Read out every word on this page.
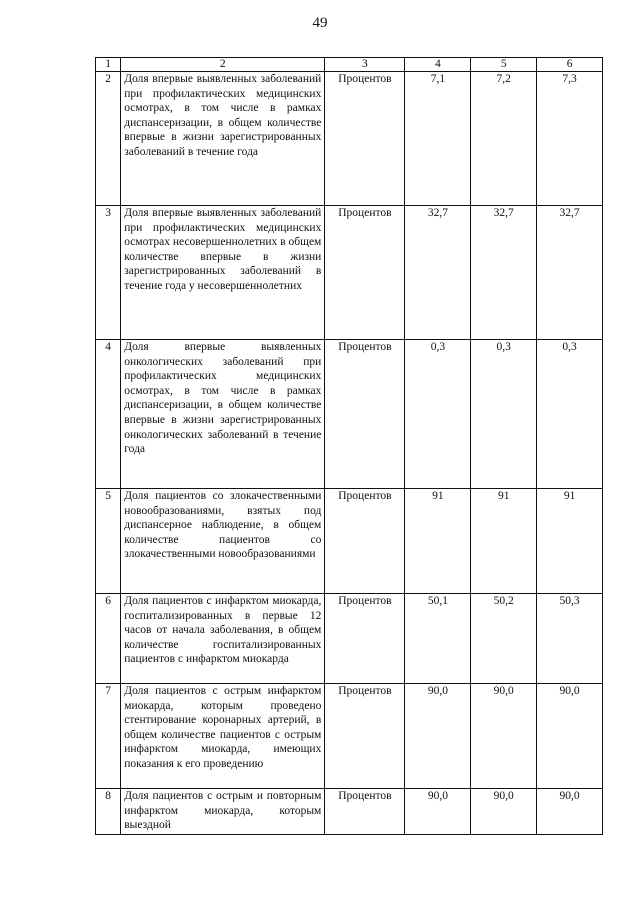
49
1	2	3	4	5	6
2	Доля впервые выявленных заболеваний при профилактических медицинских осмотрах, в том числе в рамках диспансеризации, в общем количестве впервые в жизни зарегистрированных заболеваний в течение года	Процентов	7,1	7,2	7,3
3	Доля впервые выявленных заболеваний при профилактических медицинских осмотрах несовершеннолетних в общем количестве впервые в жизни зарегистрированных заболеваний в течение года у несовершеннолетних	Процентов	32,7	32,7	32,7
4	Доля впервые выявленных онкологических заболеваний при профилактических медицинских осмотрах, в том числе в рамках диспансеризации, в общем количестве впервые в жизни зарегистрированных онкологических заболеваний в течение года	Процентов	0,3	0,3	0,3
5	Доля пациентов со злокачественными новообразованиями, взятых под диспансерное наблюдение, в общем количестве пациентов со злокачественными новообразованиями	Процентов	91	91	91
6	Доля пациентов с инфарктом миокарда, госпитализированных в первые 12 часов от начала заболевания, в общем количестве госпитализированных пациентов с инфарктом миокарда	Процентов	50,1	50,2	50,3
7	Доля пациентов с острым инфарктом миокарда, которым проведено стентирование коронарных артерий, в общем количестве пациентов с острым инфарктом миокарда, имеющих показания к его проведению	Процентов	90,0	90,0	90,0
8	Доля пациентов с острым и повторным инфарктом миокарда, которым выездной	Процентов	90,0	90,0	90,0
